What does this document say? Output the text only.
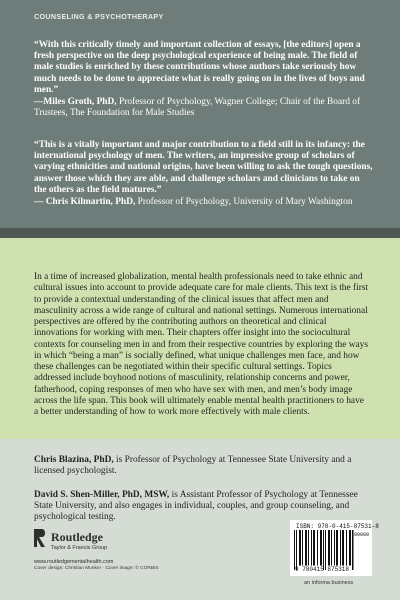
COUNSELING & PSYCHOTHERAPY
“With this critically timely and important collection of essays, [the editors] open a fresh perspective on the deep psychological experience of being male. The field of male studies is enriched by these contributions whose authors take seriously how much needs to be done to appreciate what is really going on in the lives of boys and men.”
—Miles Groth, PhD, Professor of Psychology, Wagner College; Chair of the Board of Trustees, The Foundation for Male Studies
“This is a vitally important and major contribution to a field still in its infancy: the international psychology of men. The writers, an impressive group of scholars of varying ethnicities and national origins, have been willing to ask the tough questions, answer those which they are able, and challenge scholars and clinicians to take on the others as the field matures.”
— Chris Kilmartin, PhD, Professor of Psychology, University of Mary Washington

In a time of increased globalization, mental health professionals need to take ethnic and cultural issues into account to provide adequate care for male clients. This text is the first to provide a contextual understanding of the clinical issues that affect men and masculinity across a wide range of cultural and national settings. Numerous international perspectives are offered by the contributing authors on theoretical and clinical innovations for working with men. Their chapters offer insight into the sociocultural contexts for counseling men in and from their respective countries by exploring the ways in which “being a man” is socially defined, what unique challenges men face, and how these challenges can be negotiated within their specific cultural settings. Topics addressed include boyhood notions of masculinity, relationship concerns and power, fatherhood, coping responses of men who have sex with men, and men’s body image across the life span. This book will ultimately enable mental health practitioners to have a better understanding of how to work more effectively with male clients.

Chris Blazina, PhD, is Professor of Psychology at Tennessee State University and a licensed psychologist.
David S. Shen-Miller, PhD, MSW, is Assistant Professor of Psychology at Tennessee State University, and also engages in individual, couples, and group counseling, and psychological testing.
Routledge
Taylor & Francis Group
www.routledgementalhealth.com
Cover design: Christian Munker · Cover image: © CORBIS
ISBN: 978-0-415-87531-8
90000
9 780415 875318
an informa business
